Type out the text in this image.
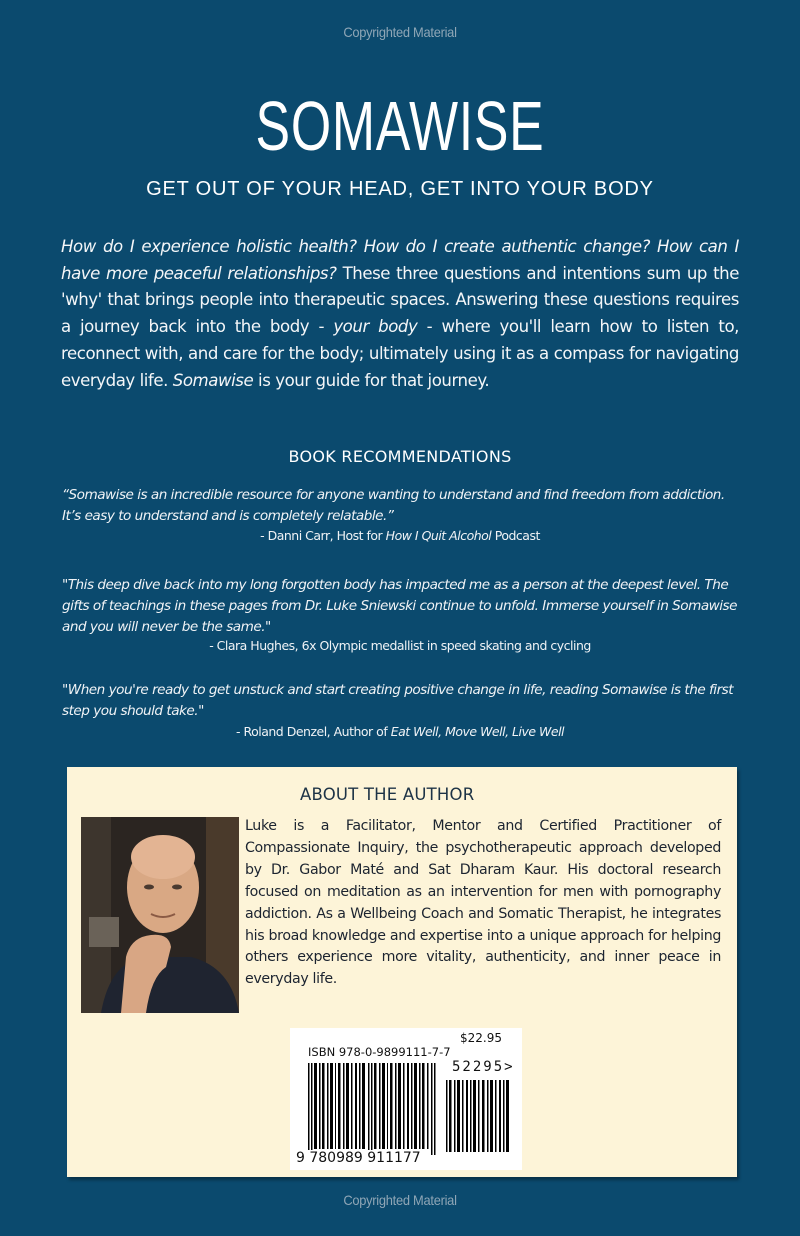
Copyrighted Material
SOMAWISE
GET OUT OF YOUR HEAD, GET INTO YOUR BODY
How do I experience holistic health? How do I create authentic change? How can I have more peaceful relationships? These three questions and intentions sum up the 'why' that brings people into therapeutic spaces. Answering these questions requires a journey back into the body - your body - where you'll learn how to listen to, reconnect with, and care for the body; ultimately using it as a compass for navigating everyday life. Somawise is your guide for that journey.
BOOK RECOMMENDATIONS
“Somawise is an incredible resource for anyone wanting to understand and find freedom from addiction. It’s easy to understand and is completely relatable.”
- Danni Carr, Host for How I Quit Alcohol Podcast
"This deep dive back into my long forgotten body has impacted me as a person at the deepest level. The gifts of teachings in these pages from Dr. Luke Sniewski continue to unfold. Immerse yourself in Somawise and you will never be the same."
- Clara Hughes, 6x Olympic medallist in speed skating and cycling
"When you're ready to get unstuck and start creating positive change in life, reading Somawise is the first step you should take."
- Roland Denzel, Author of Eat Well, Move Well, Live Well
ABOUT THE AUTHOR
Luke is a Facilitator, Mentor and Certified Practitioner of Compassionate Inquiry, the psychotherapeutic approach developed by Dr. Gabor Maté and Sat Dharam Kaur. His doctoral research focused on meditation as an intervention for men with pornography addiction. As a Wellbeing Coach and Somatic Therapist, he integrates his broad knowledge and expertise into a unique approach for helping others experience more vitality, authenticity, and inner peace in everyday life.
$22.95
ISBN 978-0-9899111-7-7
52295>
9 780989 911177
Copyrighted Material
